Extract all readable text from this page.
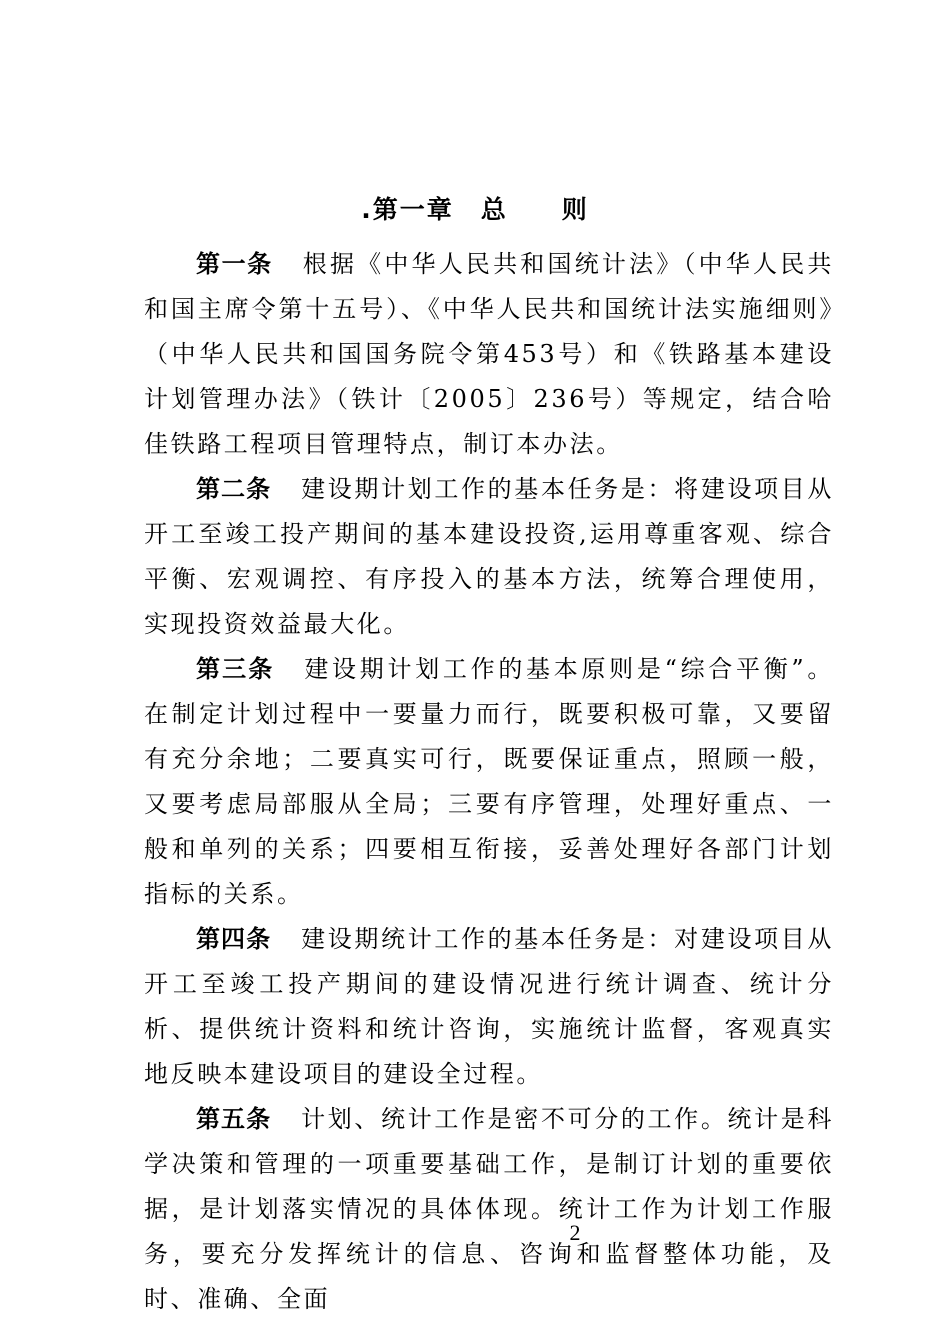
.第一章　总　　则

第一条 根据《中华人民共和国统计法》（中华人民共和国主席令第十五号）、《中华人民共和国统计法实施细则》（中华人民共和国国务院令第453号）和《铁路基本建设计划管理办法》（铁计〔2005〕236号）等规定，结合哈佳铁路工程项目管理特点，制订本办法。

第二条 建设期计划工作的基本任务是：将建设项目从开工至竣工投产期间的基本建设投资,运用尊重客观、综合平衡、宏观调控、有序投入的基本方法，统筹合理使用，实现投资效益最大化。

第三条 建设期计划工作的基本原则是“综合平衡”。在制定计划过程中一要量力而行，既要积极可靠，又要留有充分余地；二要真实可行，既要保证重点，照顾一般，又要考虑局部服从全局；三要有序管理，处理好重点、一般和单列的关系；四要相互衔接，妥善处理好各部门计划指标的关系。

第四条 建设期统计工作的基本任务是：对建设项目从开工至竣工投产期间的建设情况进行统计调查、统计分析、提供统计资料和统计咨询，实施统计监督，客观真实地反映本建设项目的建设全过程。

第五条 计划、统计工作是密不可分的工作。统计是科学决策和管理的一项重要基础工作，是制订计划的重要依据，是计划落实情况的具体体现。统计工作为计划工作服务，要充分发挥统计的信息、咨询和监督整体功能，及时、准确、全面

2
